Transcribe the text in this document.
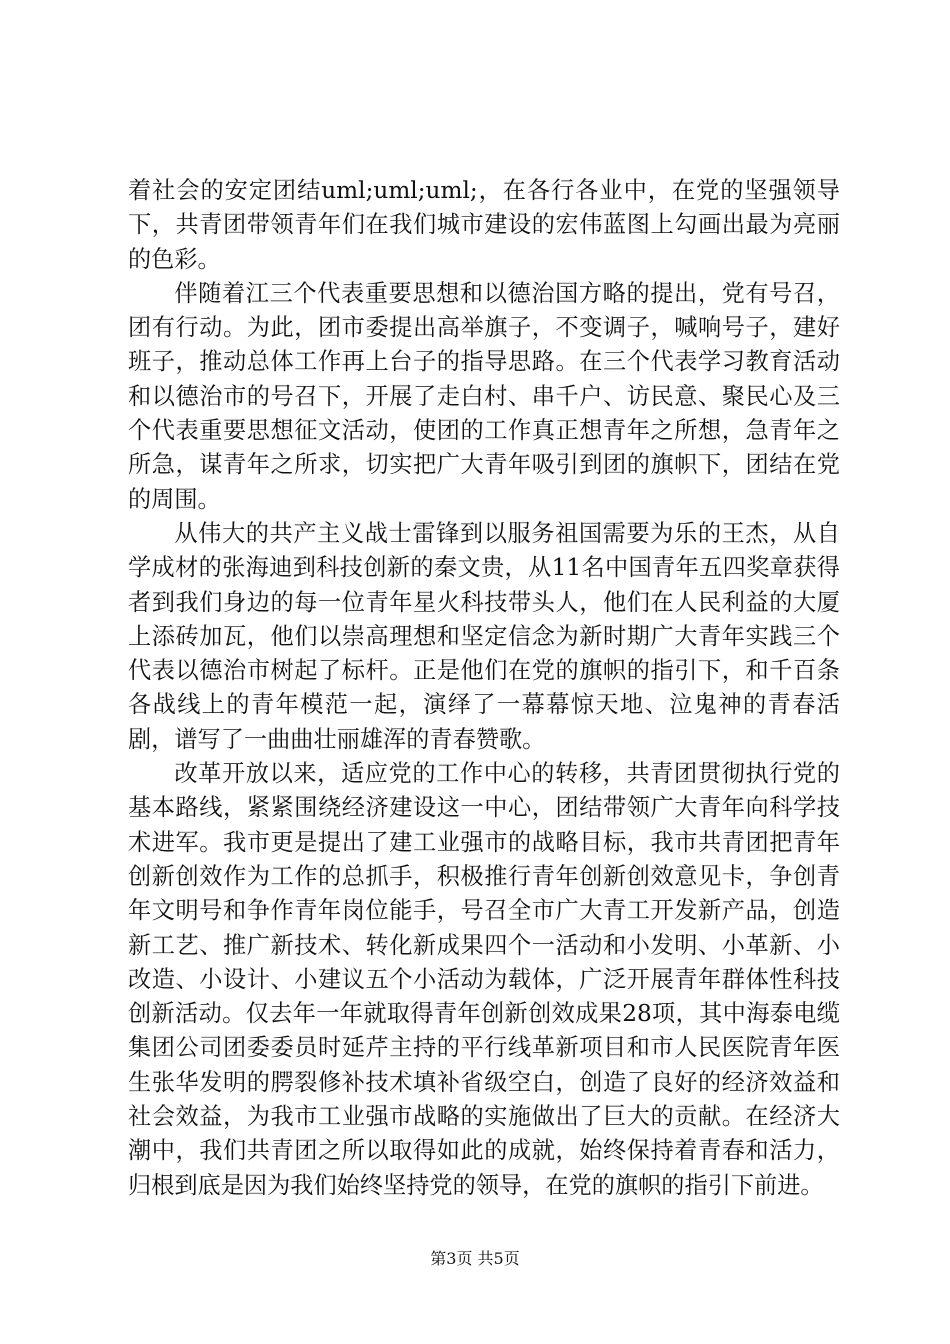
着社会的安定团结uml;uml;uml;，在各行各业中，在党的坚强领导下，共青团带领青年们在我们城市建设的宏伟蓝图上勾画出最为亮丽的色彩。

伴随着江三个代表重要思想和以德治国方略的提出，党有号召，团有行动。为此，团市委提出高举旗子，不变调子，喊响号子，建好班子，推动总体工作再上台子的指导思路。在三个代表学习教育活动和以德治市的号召下，开展了走白村、串千户、访民意、聚民心及三个代表重要思想征文活动，使团的工作真正想青年之所想，急青年之所急，谋青年之所求，切实把广大青年吸引到团的旗帜下，团结在党的周围。

从伟大的共产主义战士雷锋到以服务祖国需要为乐的王杰，从自学成材的张海迪到科技创新的秦文贵，从11名中国青年五四奖章获得者到我们身边的每一位青年星火科技带头人，他们在人民利益的大厦上添砖加瓦，他们以崇高理想和坚定信念为新时期广大青年实践三个代表以德治市树起了标杆。正是他们在党的旗帜的指引下，和千百条各战线上的青年模范一起，演绎了一幕幕惊天地、泣鬼神的青春活剧，谱写了一曲曲壮丽雄浑的青春赞歌。

改革开放以来，适应党的工作中心的转移，共青团贯彻执行党的基本路线，紧紧围绕经济建设这一中心，团结带领广大青年向科学技术进军。我市更是提出了建工业强市的战略目标，我市共青团把青年创新创效作为工作的总抓手，积极推行青年创新创效意见卡，争创青年文明号和争作青年岗位能手，号召全市广大青工开发新产品，创造新工艺、推广新技术、转化新成果四个一活动和小发明、小革新、小改造、小设计、小建议五个小活动为载体，广泛开展青年群体性科技创新活动。仅去年一年就取得青年创新创效成果28项，其中海泰电缆集团公司团委委员时延芹主持的平行线革新项目和市人民医院青年医生张华发明的腭裂修补技术填补省级空白，创造了良好的经济效益和社会效益，为我市工业强市战略的实施做出了巨大的贡献。在经济大潮中，我们共青团之所以取得如此的成就，始终保持着青春和活力，归根到底是因为我们始终坚持党的领导，在党的旗帜的指引下前进。

第3页 共5页
